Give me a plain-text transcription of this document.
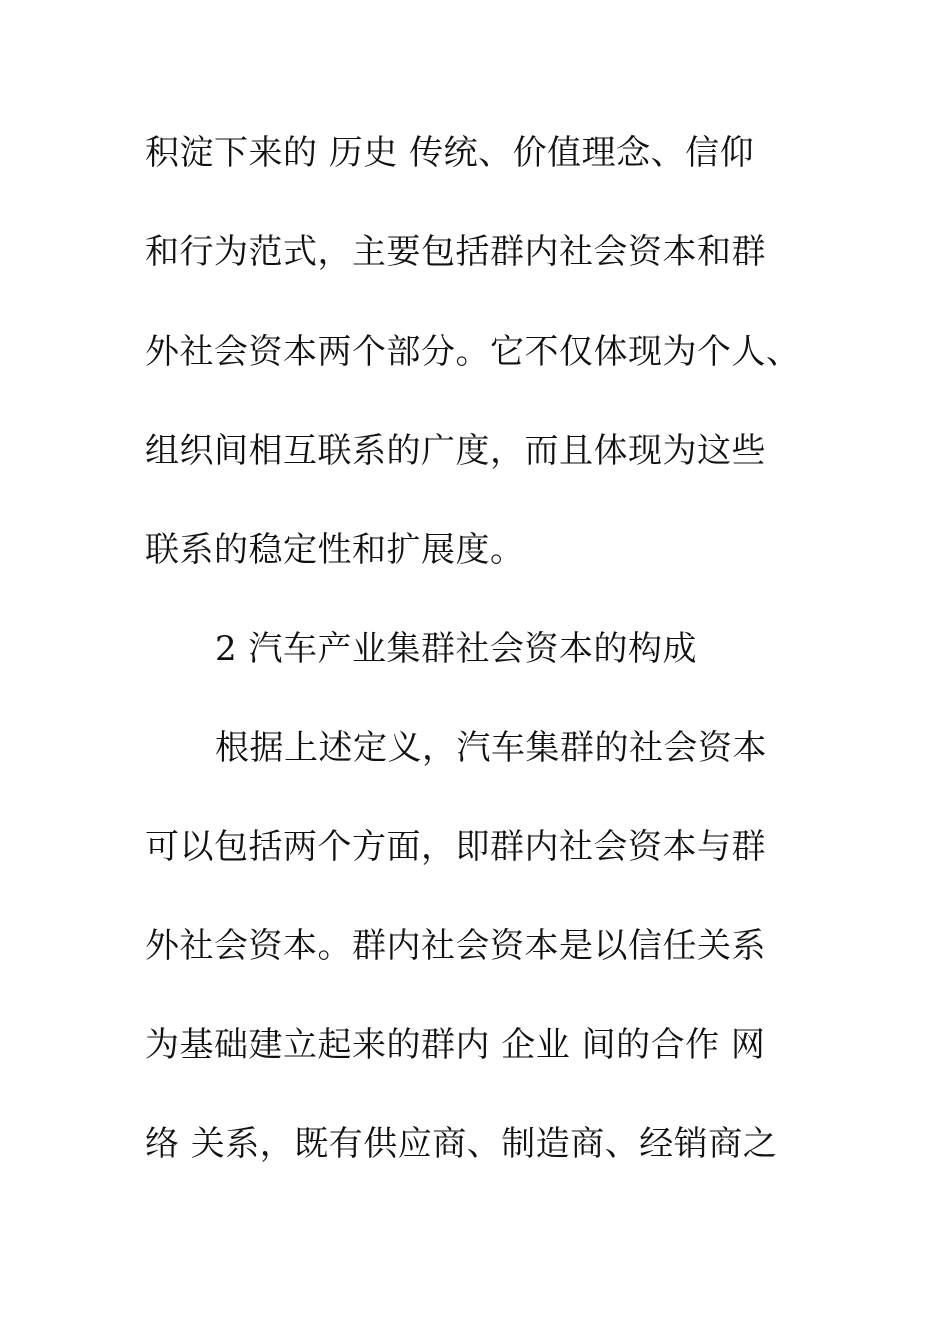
积淀下来的 历史 传统、价值理念、信仰
和行为范式，主要包括群内社会资本和群
外社会资本两个部分。它不仅体现为个人、
组织间相互联系的广度，而且体现为这些
联系的稳定性和扩展度。
2 汽车产业集群社会资本的构成
根据上述定义，汽车集群的社会资本
可以包括两个方面，即群内社会资本与群
外社会资本。群内社会资本是以信任关系
为基础建立起来的群内 企业 间的合作 网
络 关系，既有供应商、制造商、经销商之
